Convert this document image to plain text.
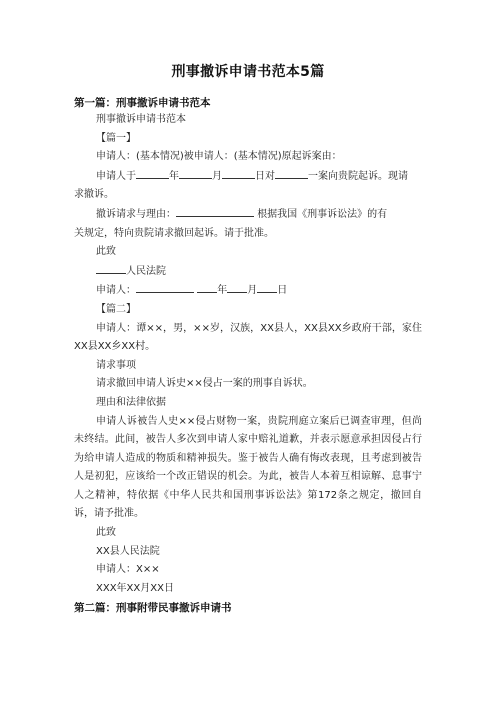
刑事撤诉申请书范本5篇
第一篇：刑事撤诉申请书范本

刑事撤诉申请书范本

【篇一】

申请人：(基本情况)被申请人：(基本情况)原起诉案由：

申请人于	年	月	日对	一案向贵院起诉。现请

求撤诉。

撤诉请求与理由：	根据我国《刑事诉讼法》的有

关规定，特向贵院请求撤回起诉。请于批准。

此致

人民法院

申请人：	年 月 日

【篇二】

申请人：谭××，男，××岁，汉族，XX县人，XX县XX乡政府干部，家住XX县XX乡XX村。

请求事项

请求撤回申请人诉史××侵占一案的刑事自诉状。

理由和法律依据

申请人诉被告人史××侵占财物一案，贵院刑庭立案后已调查审理，但尚未终结。此间，被告人多次到申请人家中赔礼道歉，并表示愿意承担因侵占行为给申请人造成的物质和精神损失。鉴于被告人确有悔改表现，且考虑到被告人是初犯，应该给一个改正错误的机会。为此，被告人本着互相谅解、息事宁人之精神，特依据《中华人民共和国刑事诉讼法》第172条之规定，撤回自诉，请予批准。

此致

XX县人民法院

申请人：X××

XXX年XX月XX日

第二篇：刑事附带民事撤诉申请书
